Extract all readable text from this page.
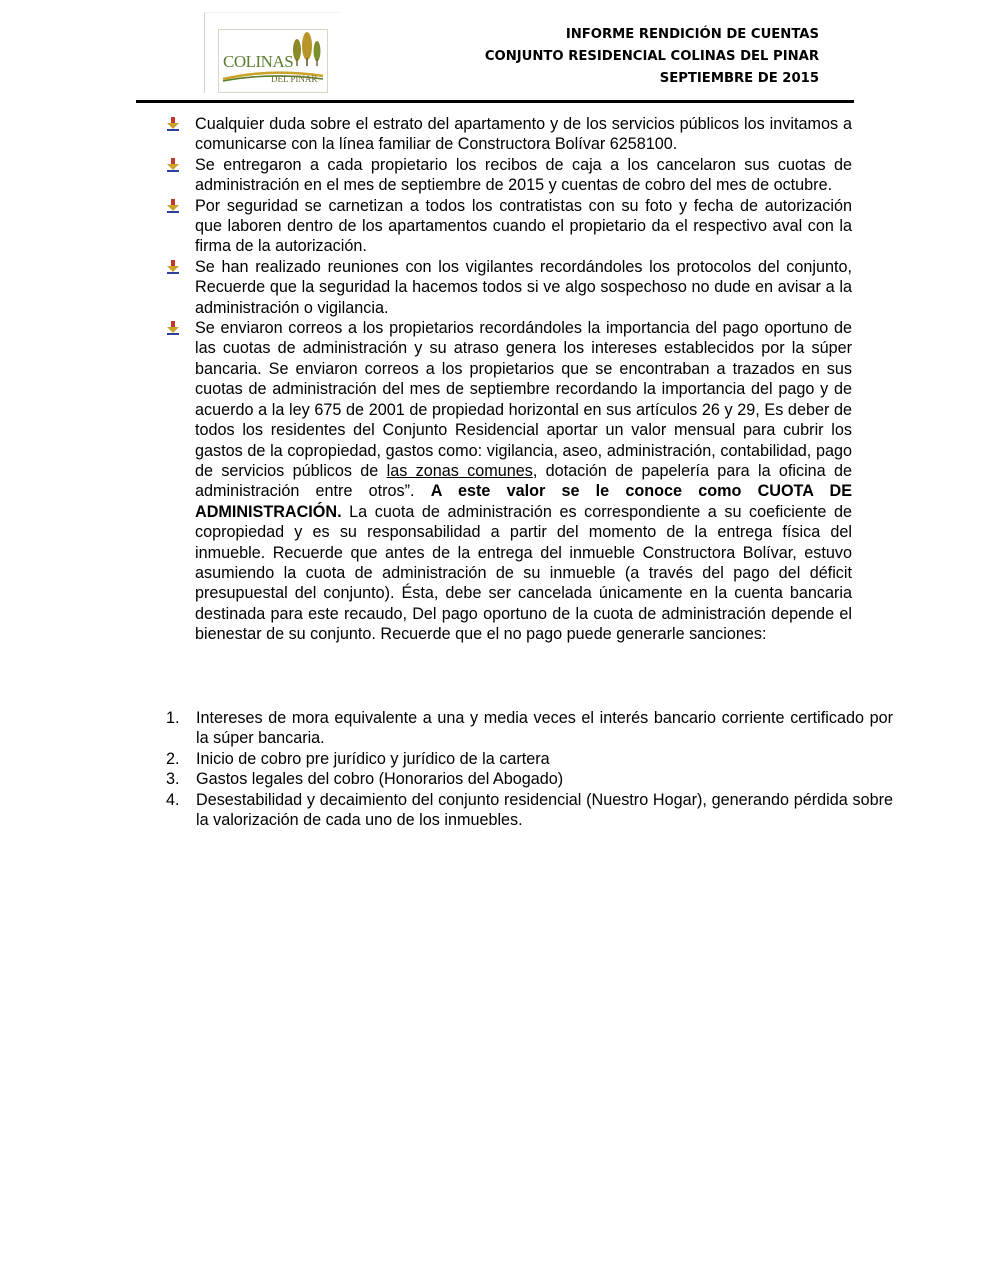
COLINAS
DEL PINAR
INFORME RENDICIÓN DE CUENTAS
CONJUNTO RESIDENCIAL COLINAS DEL PINAR
SEPTIEMBRE DE 2015

Cualquier duda sobre el estrato del apartamento y de los servicios públicos los invitamos a comunicarse con la línea familiar de Constructora Bolívar 6258100.

Se entregaron a cada propietario los recibos de caja a los cancelaron sus cuotas de administración en el mes de septiembre de 2015 y cuentas de cobro del mes de octubre.

Por seguridad se carnetizan a todos los contratistas con su foto y fecha de autorización que laboren dentro de los apartamentos cuando el propietario da el respectivo aval con la firma de la autorización.

Se han realizado reuniones con los vigilantes recordándoles los protocolos del conjunto, Recuerde que la seguridad la hacemos todos si ve algo sospechoso no dude en avisar a la administración o vigilancia.

Se enviaron correos a los propietarios recordándoles la importancia del pago oportuno de las cuotas de administración y su atraso genera los intereses establecidos por la súper bancaria. Se enviaron correos a los propietarios que se encontraban a trazados en sus cuotas de administración del mes de septiembre recordando la importancia del pago y de acuerdo a la ley 675 de 2001 de propiedad horizontal en sus artículos 26 y 29, Es deber de todos los residentes del Conjunto Residencial aportar un valor mensual para cubrir los gastos de la copropiedad, gastos como: vigilancia, aseo, administración, contabilidad, pago de servicios públicos de las zonas comunes, dotación de papelería para la oficina de administración entre otros”. A este valor se le conoce como CUOTA DE ADMINISTRACIÓN. La cuota de administración es correspondiente a su coeficiente de copropiedad y es su responsabilidad a partir del momento de la entrega física del inmueble. Recuerde que antes de la entrega del inmueble Constructora Bolívar, estuvo asumiendo la cuota de administración de su inmueble (a través del pago del déficit presupuestal del conjunto). Ésta, debe ser cancelada únicamente en la cuenta bancaria destinada para este recaudo, Del pago oportuno de la cuota de administración depende el bienestar de su conjunto. Recuerde que el no pago puede generarle sanciones:

1. Intereses de mora equivalente a una y media veces el interés bancario corriente certificado por la súper bancaria.

2. Inicio de cobro pre jurídico y jurídico de la cartera

3. Gastos legales del cobro (Honorarios del Abogado)

4. Desestabilidad y decaimiento del conjunto residencial (Nuestro Hogar), generando pérdida sobre la valorización de cada uno de los inmuebles.
